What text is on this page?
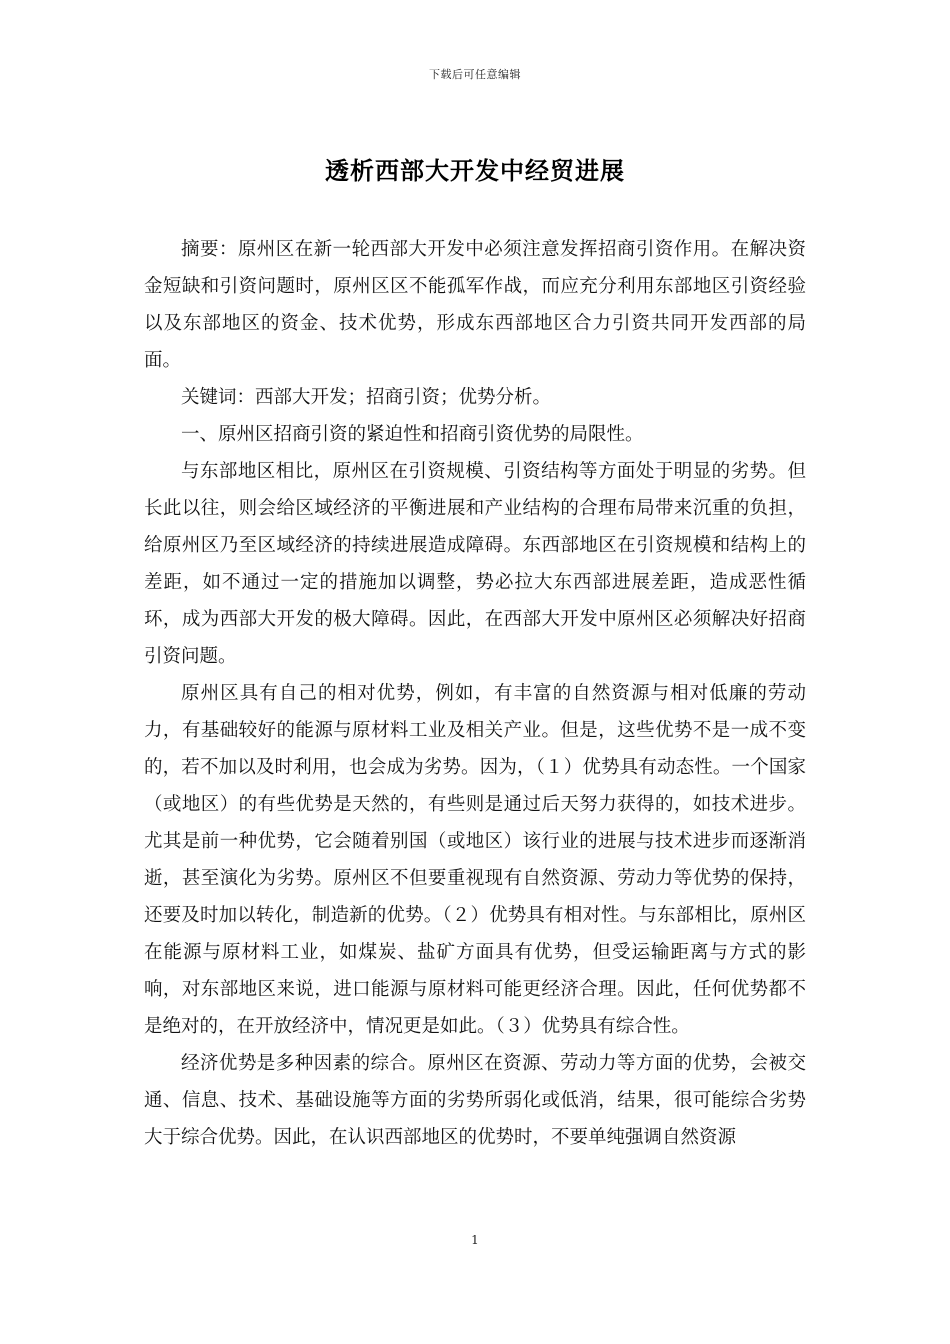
下载后可任意编辑
透析西部大开发中经贸进展

摘要：原州区在新一轮西部大开发中必须注意发挥招商引资作用。在解决资金短缺和引资问题时，原州区区不能孤军作战，而应充分利用东部地区引资经验以及东部地区的资金、技术优势，形成东西部地区合力引资共同开发西部的局面。

关键词：西部大开发；招商引资；优势分析。

一、原州区招商引资的紧迫性和招商引资优势的局限性。

与东部地区相比，原州区在引资规模、引资结构等方面处于明显的劣势。但长此以往，则会给区域经济的平衡进展和产业结构的合理布局带来沉重的负担，给原州区乃至区域经济的持续进展造成障碍。东西部地区在引资规模和结构上的差距，如不通过一定的措施加以调整，势必拉大东西部进展差距，造成恶性循环，成为西部大开发的极大障碍。因此，在西部大开发中原州区必须解决好招商引资问题。

原州区具有自己的相对优势，例如，有丰富的自然资源与相对低廉的劳动力，有基础较好的能源与原材料工业及相关产业。但是，这些优势不是一成不变的，若不加以及时利用，也会成为劣势。因为，（１）优势具有动态性。一个国家（或地区）的有些优势是天然的，有些则是通过后天努力获得的，如技术进步。尤其是前一种优势，它会随着别国（或地区）该行业的进展与技术进步而逐渐消逝，甚至演化为劣势。原州区不但要重视现有自然资源、劳动力等优势的保持，还要及时加以转化，制造新的优势。（２）优势具有相对性。与东部相比，原州区在能源与原材料工业，如煤炭、盐矿方面具有优势，但受运输距离与方式的影响，对东部地区来说，进口能源与原材料可能更经济合理。因此，任何优势都不是绝对的，在开放经济中，情况更是如此。（３）优势具有综合性。

经济优势是多种因素的综合。原州区在资源、劳动力等方面的优势，会被交通、信息、技术、基础设施等方面的劣势所弱化或低消，结果，很可能综合劣势大于综合优势。因此，在认识西部地区的优势时，不要单纯强调自然资源

1
